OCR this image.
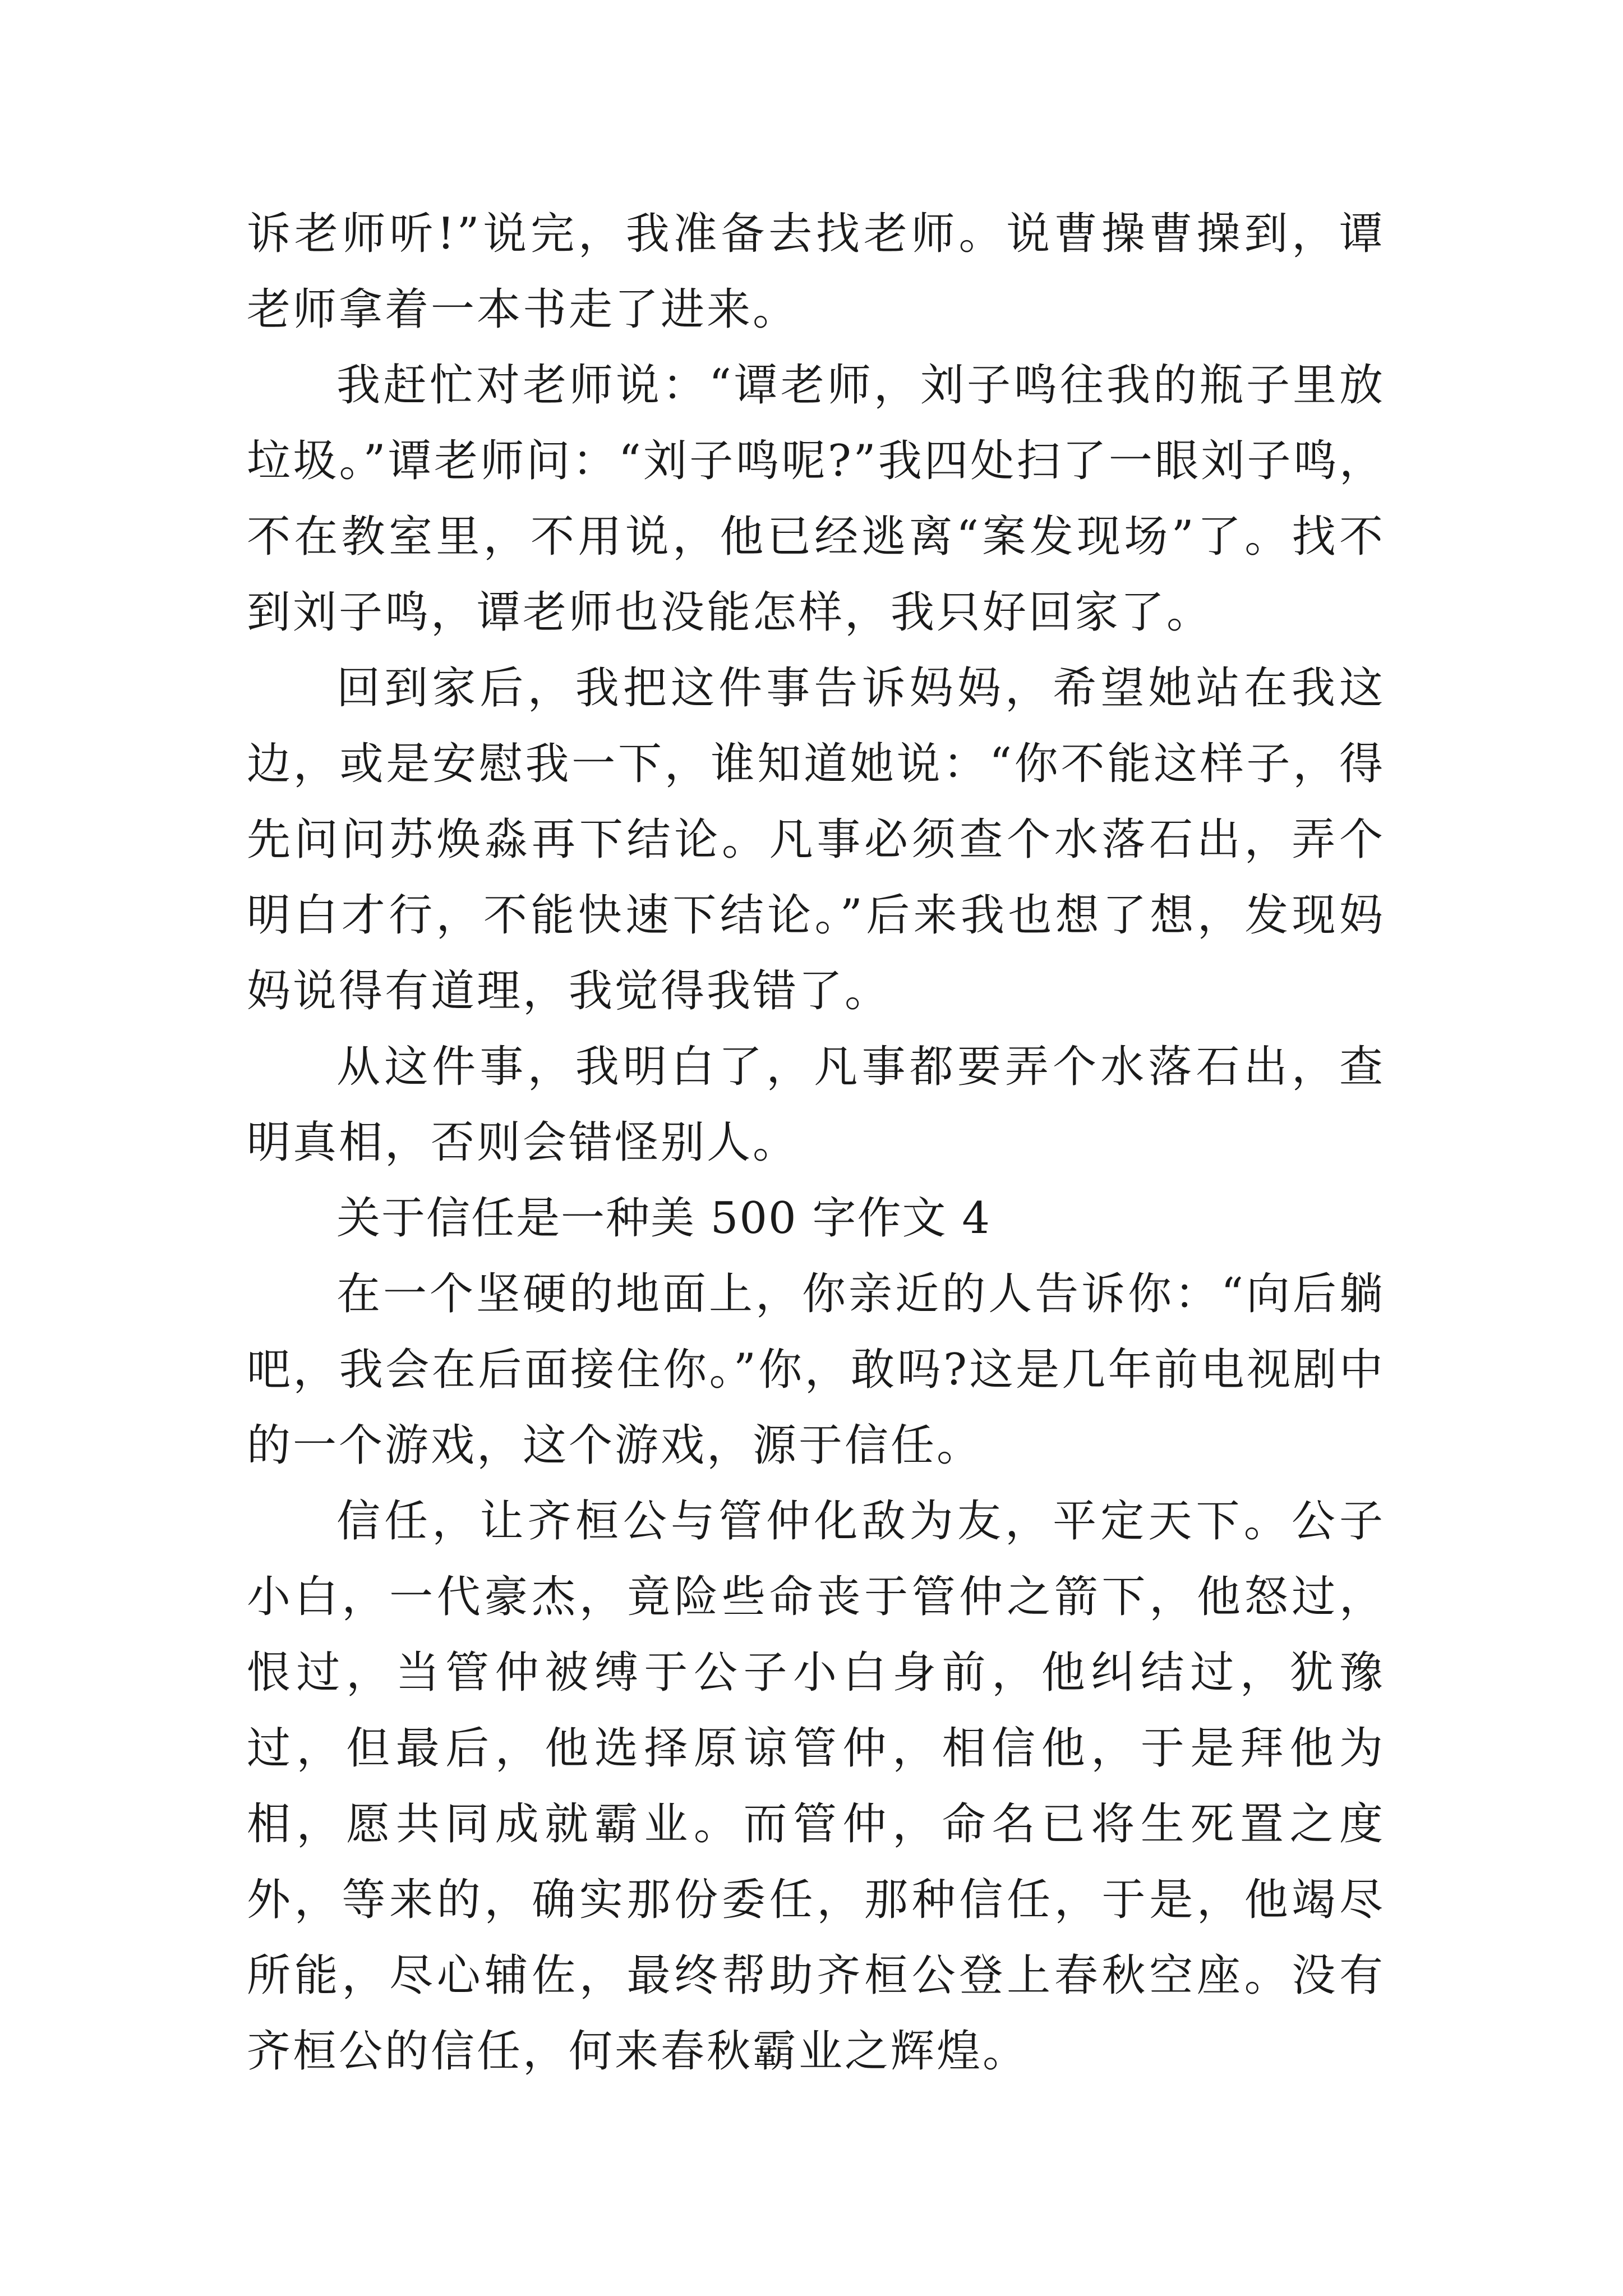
诉老师听!”说完，我准备去找老师。说曹操曹操到，谭老师拿着一本书走了进来。

我赶忙对老师说：“谭老师，刘子鸣往我的瓶子里放垃圾。”谭老师问：“刘子鸣呢?”我四处扫了一眼刘子鸣，不在教室里，不用说，他已经逃离“案发现场”了。找不到刘子鸣，谭老师也没能怎样，我只好回家了。

回到家后，我把这件事告诉妈妈，希望她站在我这边，或是安慰我一下，谁知道她说：“你不能这样子，得先问问苏焕淼再下结论。凡事必须查个水落石出，弄个明白才行，不能快速下结论。”后来我也想了想，发现妈妈说得有道理，我觉得我错了。

从这件事，我明白了，凡事都要弄个水落石出，查明真相，否则会错怪别人。

关于信任是一种美 500 字作文 4

在一个坚硬的地面上，你亲近的人告诉你：“向后躺吧，我会在后面接住你。”你，敢吗?这是几年前电视剧中的一个游戏，这个游戏，源于信任。

信任，让齐桓公与管仲化敌为友，平定天下。公子小白，一代豪杰，竟险些命丧于管仲之箭下，他怒过，恨过，当管仲被缚于公子小白身前，他纠结过，犹豫过，但最后，他选择原谅管仲，相信他，于是拜他为相，愿共同成就霸业。而管仲，命名已将生死置之度外，等来的，确实那份委任，那种信任，于是，他竭尽所能，尽心辅佐，最终帮助齐桓公登上春秋空座。没有齐桓公的信任，何来春秋霸业之辉煌。
